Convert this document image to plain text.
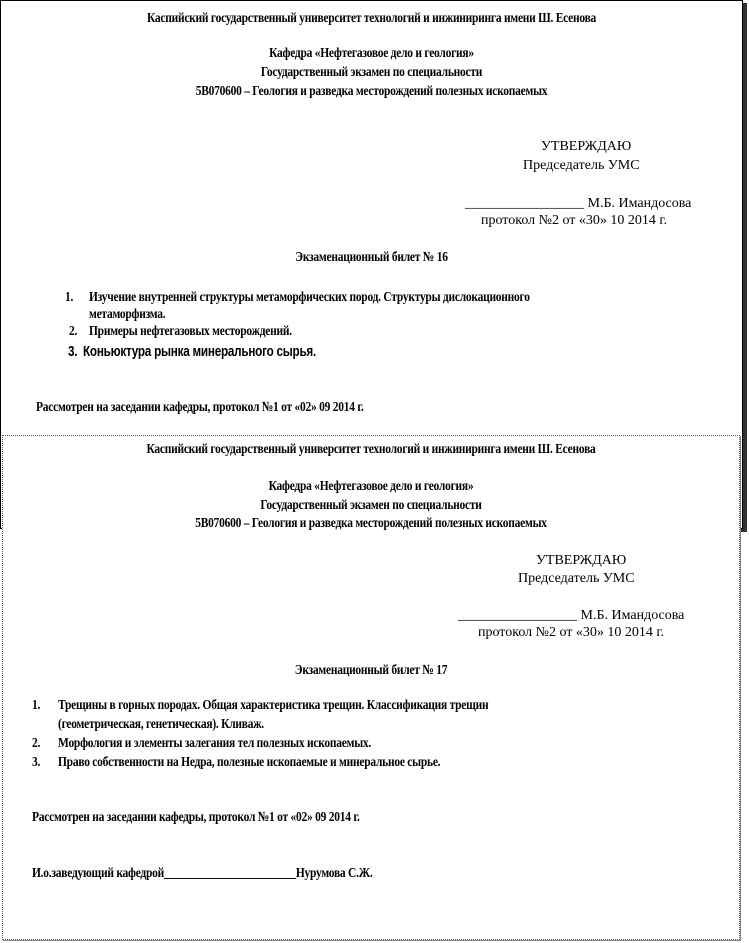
Каспийский государственный университет технологий и инжиниринга имени Ш. Есенова
Кафедра «Нефтегазовое дело и геология»
Государственный экзамен по специальности
5В070600 – Геология и разведка месторождений полезных ископаемых
УТВЕРЖДАЮ
Председатель УМС
_________________ М.Б. Имандосова
протокол №2 от «30» 10 2014 г.
Экзаменационный билет № 16
1. Изучение внутренней структуры метаморфических пород. Структуры дислокационного
метаморфизма.
2. Примеры нефтегазовых месторождений.
3. Коньюктура рынка минерального сырья.
Рассмотрен на заседании кафедры, протокол №1 от «02» 09 2014 г.
Каспийский государственный университет технологий и инжиниринга имени Ш. Есенова
Кафедра «Нефтегазовое дело и геология»
Государственный экзамен по специальности
5В070600 – Геология и разведка месторождений полезных ископаемых
УТВЕРЖДАЮ
Председатель УМС
_________________ М.Б. Имандосова
протокол №2 от «30» 10 2014 г.
Экзаменационный билет № 17
1. Трещины в горных породах. Общая характеристика трещин. Классификация трещин
(геометрическая, генетическая). Кливаж.
2. Морфология и элементы залегания тел полезных ископаемых.
3. Право собственности на Недра, полезные ископаемые и минеральное сырье.
Рассмотрен на заседании кафедры, протокол №1 от «02» 09 2014 г.
И.о.заведующий кафедрой________________________Нурумова С.Ж.
